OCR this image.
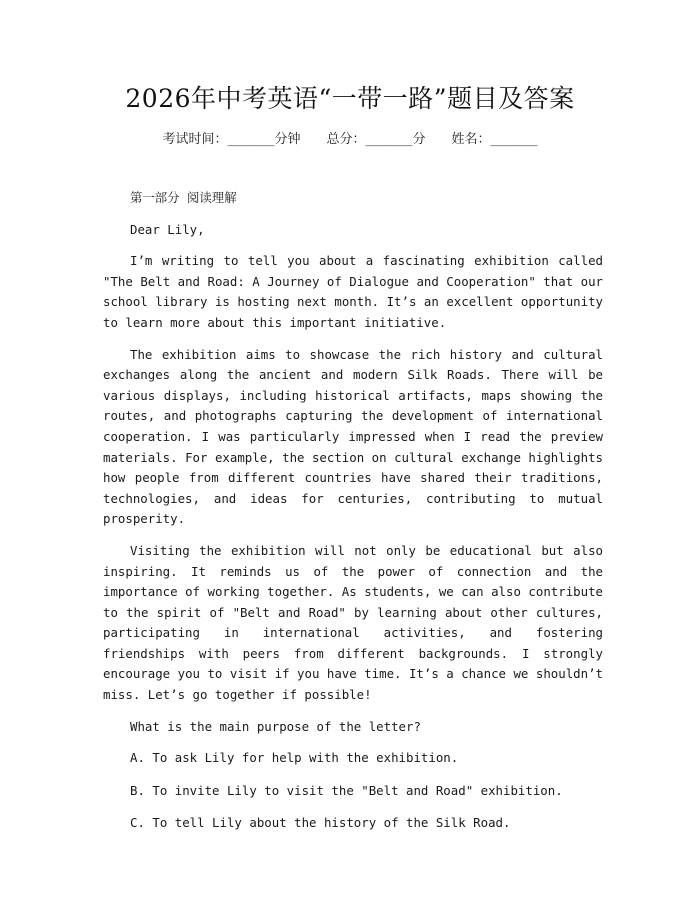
2026年中考英语“一带一路”题目及答案
考试时间：______分钟 总分：______分 姓名：______

第一部分 阅读理解

Dear Lily,

I’m writing to tell you about a fascinating exhibition called "The Belt and Road: A Journey of Dialogue and Cooperation" that our school library is hosting next month. It’s an excellent opportunity to learn more about this important initiative.

The exhibition aims to showcase the rich history and cultural exchanges along the ancient and modern Silk Roads. There will be various displays, including historical artifacts, maps showing the routes, and photographs capturing the development of international cooperation. I was particularly impressed when I read the preview materials. For example, the section on cultural exchange highlights how people from different countries have shared their traditions, technologies, and ideas for centuries, contributing to mutual prosperity.

Visiting the exhibition will not only be educational but also inspiring. It reminds us of the power of connection and the importance of working together. As students, we can also contribute to the spirit of "Belt and Road" by learning about other cultures, participating in international activities, and fostering friendships with peers from different backgrounds. I strongly encourage you to visit if you have time. It’s a chance we shouldn’t miss. Let’s go together if possible!

What is the main purpose of the letter?

A. To ask Lily for help with the exhibition.

B. To invite Lily to visit the "Belt and Road" exhibition.

C. To tell Lily about the history of the Silk Road.
